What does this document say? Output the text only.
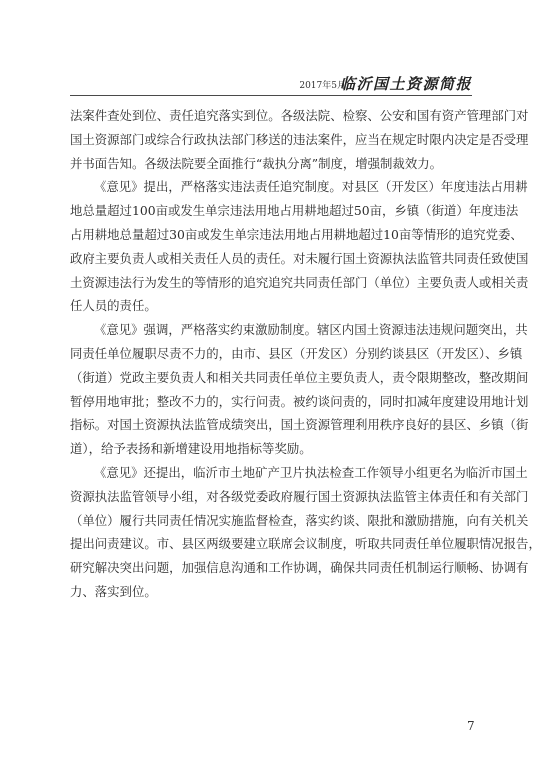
2017年5月
临沂国土资源简报
法案件查处到位、责任追究落实到位。各级法院、检察、公安和国有资产管理部门对
国土资源部门或综合行政执法部门移送的违法案件，应当在规定时限内决定是否受理
并书面告知。各级法院要全面推行“裁执分离”制度，增强制裁效力。
《意见》提出，严格落实违法责任追究制度。对县区（开发区）年度违法占用耕
地总量超过100亩或发生单宗违法用地占用耕地超过50亩，乡镇（街道）年度违法
占用耕地总量超过30亩或发生单宗违法用地占用耕地超过10亩等情形的追究党委、
政府主要负责人或相关责任人员的责任。对未履行国土资源执法监管共同责任致使国
土资源违法行为发生的等情形的追究追究共同责任部门（单位）主要负责人或相关责
任人员的责任。
《意见》强调，严格落实约束激励制度。辖区内国土资源违法违规问题突出，共
同责任单位履职尽责不力的，由市、县区（开发区）分别约谈县区（开发区）、乡镇
（街道）党政主要负责人和相关共同责任单位主要负责人，责令限期整改，整改期间
暂停用地审批；整改不力的，实行问责。被约谈问责的，同时扣减年度建设用地计划
指标。对国土资源执法监管成绩突出，国土资源管理利用秩序良好的县区、乡镇（街
道），给予表扬和新增建设用地指标等奖励。
《意见》还提出，临沂市土地矿产卫片执法检查工作领导小组更名为临沂市国土
资源执法监管领导小组，对各级党委政府履行国土资源执法监管主体责任和有关部门
（单位）履行共同责任情况实施监督检查，落实约谈、限批和激励措施，向有关机关
提出问责建议。市、县区两级要建立联席会议制度，听取共同责任单位履职情况报告，
研究解决突出问题，加强信息沟通和工作协调，确保共同责任机制运行顺畅、协调有
力、落实到位。
7
